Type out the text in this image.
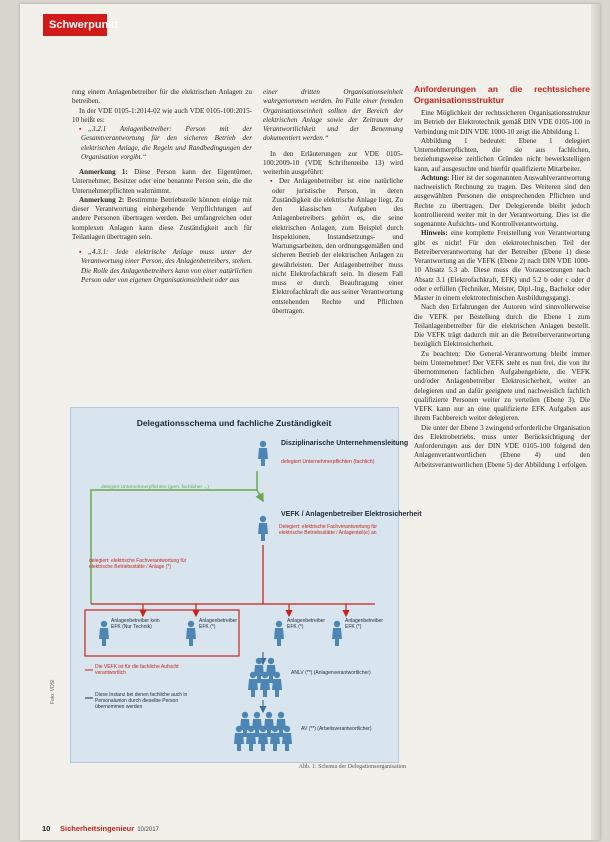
Schwerpunkt

rung einem Anlagenbetreiber für die elektrischen Anlagen zu betreiben.

In der VDE 0105-1:2014-02 wie auch VDE 0105-100:2015-10 heißt es:

▪ „3.2.1 Anlagenbetreiber: Person mit der Gesamtverantwortung für den sicheren Betrieb der elektrischen Anlage, die Regeln und Randbedingungen der Organisation vorgibt.“

Anmerkung 1: Diese Person kann der Eigentümer, Unternehmer, Besitzer oder eine benannte Person sein, die die Unternehmerpflichten wahrnimmt.

Anmerkung 2: Bestimmte Betriebsteile können einige mit dieser Verantwortung einhergehende Verpflichtungen auf andere Personen übertragen werden. Bei umfangreichen oder komplexen Anlagen kann diese Zuständigkeit auch für Teilanlagen übertragen sein.

▪ „4.3.1: Jede elektrische Anlage muss unter der Verantwortung einer Person, des Anlagenbetreibers, stehen. Die Rolle des Anlagenbetreibers kann von einer natürlichen Person oder von eigenen Organisationseinheit oder aus

einer dritten Organisationseinheit wahrgenommen werden. Im Falle einer fremden Organisationseinheit sollten der Bereich der elektrischen Anlage sowie der Zeitraum der Verantwortlichkeit und der Benennung dokumentiert werden.“

In den Erläuterungen zur VDE 0105-100:2009-10 (VDE Schriftenreihe 13) wird weiterhin ausgeführt:

▪ Der Anlagenbetreiber ist eine natürliche oder juristische Person, in deren Zuständigkeit die elektrische Anlage liegt. Zu den klassischen Aufgaben des Anlagenbetreibers gehört es, die seine elektrischen Anlagen, zum Beispiel durch Inspektionen, Instandsetzungs- und Wartungsarbeiten, den ordnungsgemäßen und sicheren Betrieb der elektrischen Anlagen zu gewährleisten. Der Anlagenbetreiber muss nicht Elektrofachkraft sein. In diesem Fall muss er durch Beauftragung einer Elektrofachkraft die aus seiner Verantwortung entstehenden Rechte und Pflichten übertragen.

Anforderungen an die rechtssichere Organisationsstruktur

Eine Möglichkeit der rechtssicheren Organisationsstruktur im Betrieb der Elektrotechnik gemäß DIN VDE 0105-100 in Verbindung mit DIN VDE 1000-10 zeigt die Abbildung 1.

Abbildung 1 bedeutet: Ebene 1 delegiert Unternehmerpflichten, die sie aus fachlichen, beziehungsweise zeitlichen Gründen nicht bewerkstelligen kann, auf ausgesuchte und hierfür qualifizierte Mitarbeiter.

Achtung: Hier ist der sogenannten Auswahlverantwortung nachweislich Rechnung zu tragen. Des Weiteren sind den ausgewählten Personen die entsprechenden Pflichten und Rechte zu übertragen. Der Delegierende bleibt jedoch kontrollierend weiter mit in der Verantwortung. Dies ist die sogenannte Aufsichts- und Kontrollverantwortung.

Hinweis: eine komplette Freistellung von Verantwortung gibt es nicht! Für den elektrotechnischen Teil der Betreiberverantwortung hat der Betreiber (Ebene 1) diese Verantwortung an die VEFK (Ebene 2) nach DIN VDE 1000-10 Absatz 5.3 ab. Diese muss die Voraussetzungen nach Absatz 3.1 (Elektrofachkraft, EFK) und 5.2 b oder c oder d oder e erfüllen (Techniker, Meister, Dipl.-Ing., Bachelor oder Master in einem elektrotechnischen Ausbildungsgang).

Nach den Erfahrungen der Autoren wird sinnvollerweise die VEFK per Bestellung durch die Ebene 1 zum Teilanlagenbetreiber für die elektrischen Anlagen bestellt. Die VEFK trägt dadurch mit an die Betreiberverantwortung bezüglich Elektrosicherheit.

Zu beachten: Die General-Verantwortung bleibt immer beim Unternehmer! Der VEFK steht es nun frei, die von ihr übernommenen fachlichen Aufgabengebiete, die VEFK und/oder Anlagenbetreiber Elektrosicherheit, weiter an delegieren und an dafür geeignete und nachweislich fachlich qualifizierte Personen weiter zu verteilen (Ebene 3). Die VEFK kann nur an eine qualifizierte EFK Aufgaben aus ihrem Fachbereich weiter delegieren.

Die unter der Ebene 3 zwingend erforderliche Organisation des Elektrobetriebs, muss unter Berücksichtigung der Anforderungen aus der DIN VDE 0105-100 folgend den Anlagenverantwortlichen (Ebene 4) und den Arbeitsverantwortlichen (Ebene 5) der Abbildung 1 erfolgen.

Delegationsschema und fachliche Zuständigkeit
Disziplinarische Unternehmensleitung
delegiert Unternehmerpflichten (fachlich)
delegiert Unternehmerpflichten (gem. fachlicher ...)
VEFK / Anlagenbetreiber Elektrosicherheit
Delegiert: elektrische Fachverantwortung für elektrische Betriebsstätte / Anlagenteil(e) an
delegiert: elektrische Fachverantwortung für elektrische Betriebsstätte / Anlage (*)
Anlagenbetreiber kein EFK (Nur Technik)
Anlagenbetreiber EFK (*)
Anlagenbetreiber EFK (*)
Anlagenbetreiber EFK (*)
ANLV (**) (Anlagenverantwortlicher)
AV (**) (Arbeitsverantwortlicher)
Die VEFK ist für die fachliche Aufsicht verantwortlich
Diese Instanz bei denen fachliche auch in Personalunion durch dieselbe Person übernommen werden
Abb. 1: Schema der Delegationsorganisation
Foto: VDSI
10 Sicherheitsingenieur 10/2017
